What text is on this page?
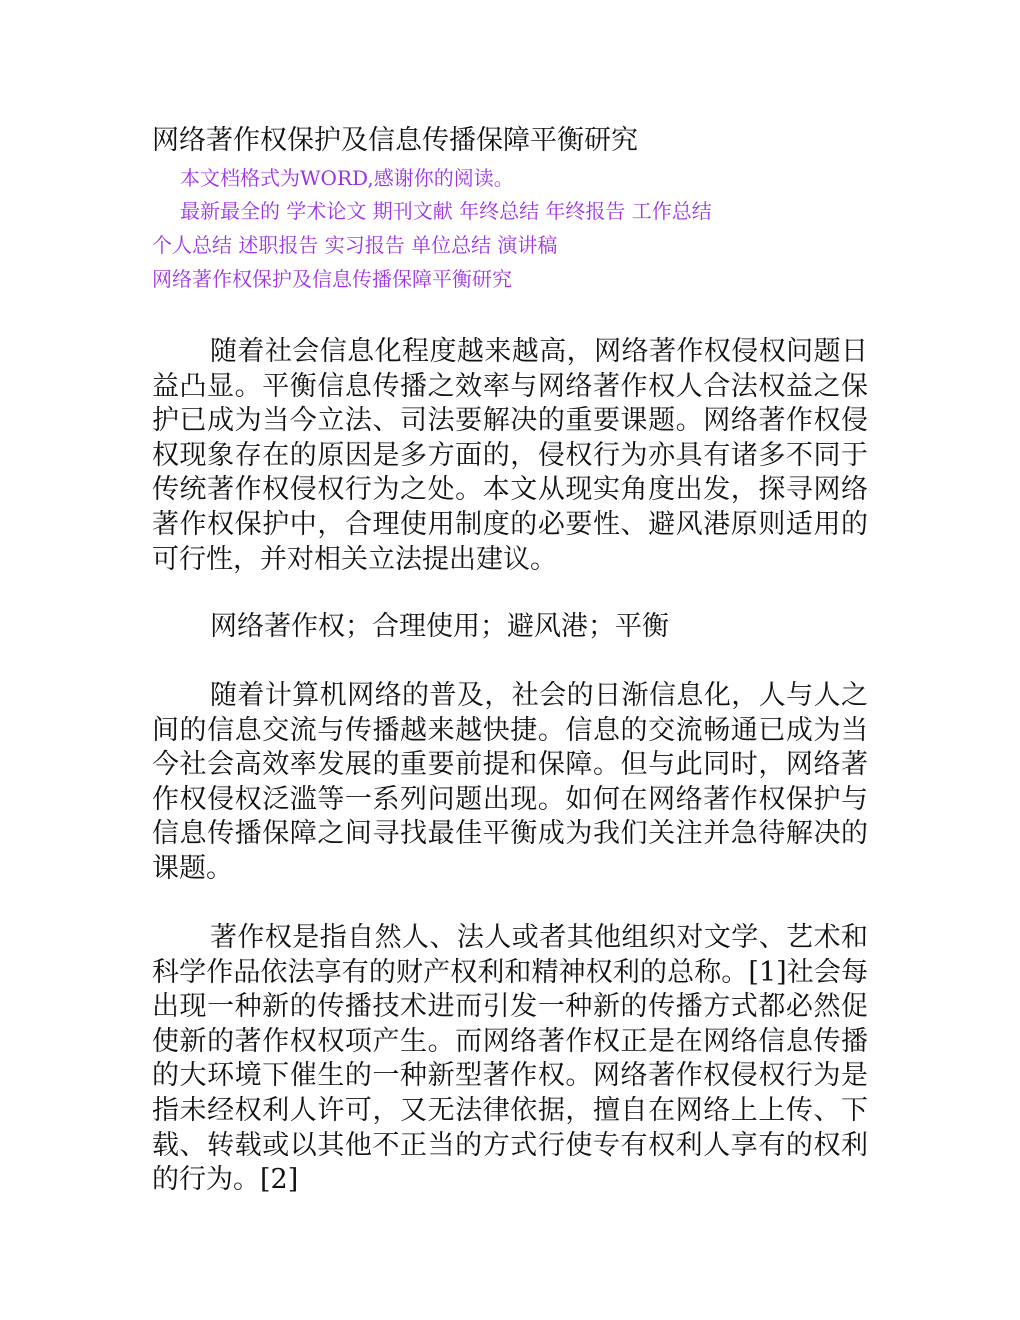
网络著作权保护及信息传播保障平衡研究
本文档格式为WORD,感谢你的阅读。
最新最全的 学术论文 期刊文献 年终总结 年终报告 工作总结
个人总结 述职报告 实习报告 单位总结 演讲稿
网络著作权保护及信息传播保障平衡研究

随着社会信息化程度越来越高，网络著作权侵权问题日益凸显。平衡信息传播之效率与网络著作权人合法权益之保护已成为当今立法、司法要解决的重要课题。网络著作权侵权现象存在的原因是多方面的，侵权行为亦具有诸多不同于传统著作权侵权行为之处。本文从现实角度出发，探寻网络著作权保护中，合理使用制度的必要性、避风港原则适用的可行性，并对相关立法提出建议。

网络著作权；合理使用；避风港；平衡

随着计算机网络的普及，社会的日渐信息化，人与人之间的信息交流与传播越来越快捷。信息的交流畅通已成为当今社会高效率发展的重要前提和保障。但与此同时，网络著作权侵权泛滥等一系列问题出现。如何在网络著作权保护与信息传播保障之间寻找最佳平衡成为我们关注并急待解决的课题。

著作权是指自然人、法人或者其他组织对文学、艺术和科学作品依法享有的财产权利和精神权利的总称。[1]社会每出现一种新的传播技术进而引发一种新的传播方式都必然促使新的著作权权项产生。而网络著作权正是在网络信息传播的大环境下催生的一种新型著作权。网络著作权侵权行为是指未经权利人许可，又无法律依据，擅自在网络上上传、下载、转载或以其他不正当的方式行使专有权利人享有的权利的行为。[2]
